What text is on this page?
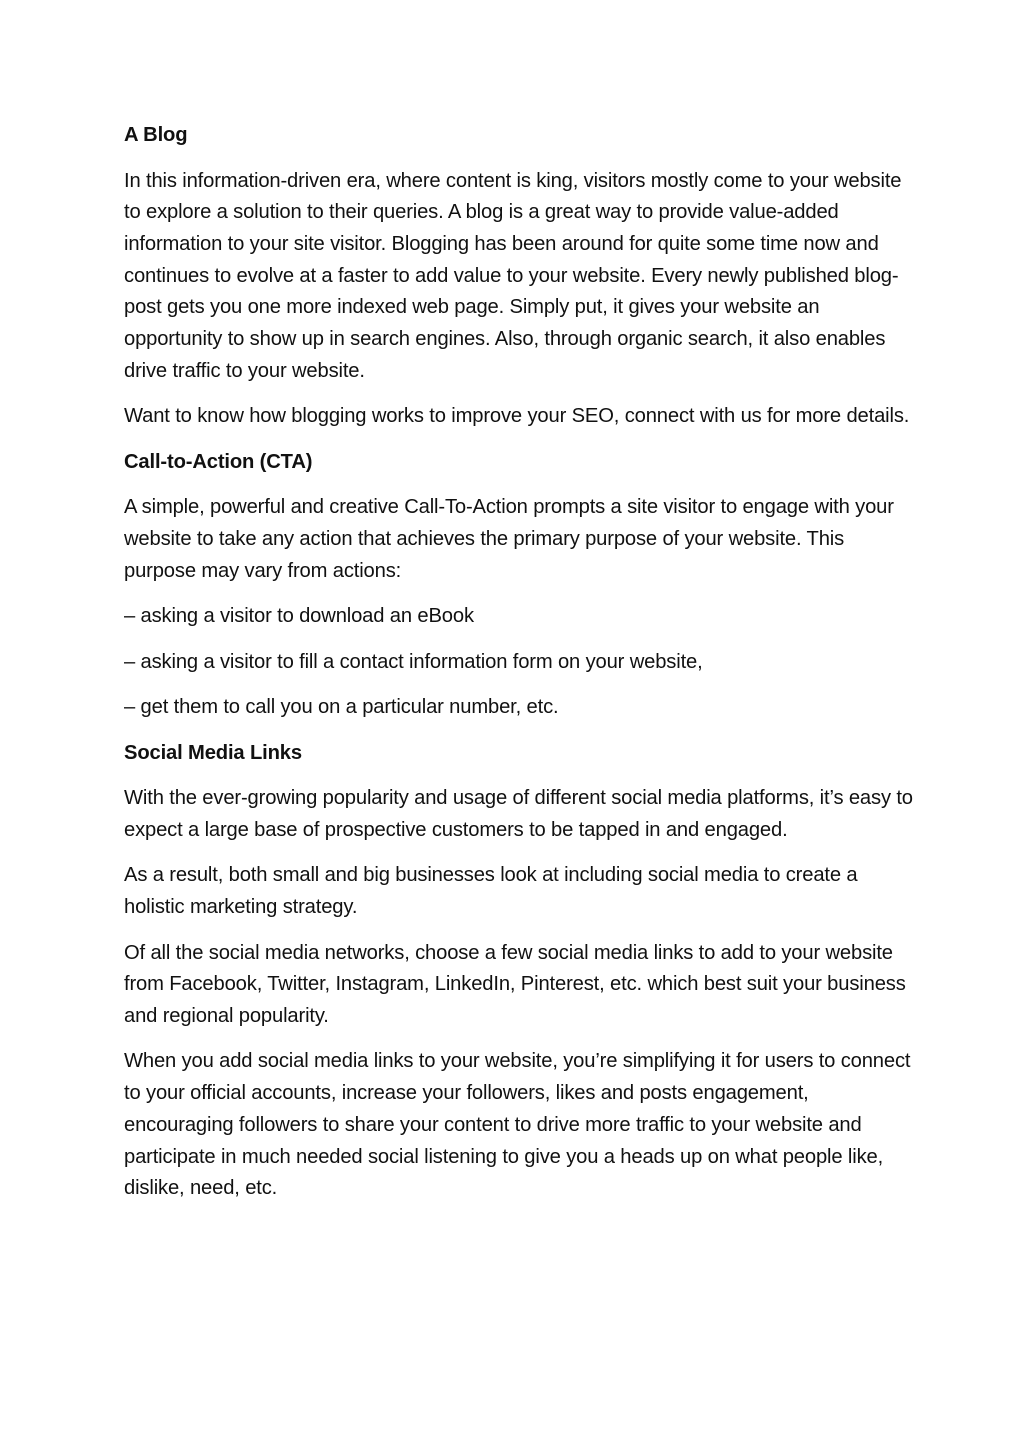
A Blog

In this information-driven era, where content is king, visitors mostly come to your website to explore a solution to their queries. A blog is a great way to provide value-added information to your site visitor. Blogging has been around for quite some time now and continues to evolve at a faster to add value to your website. Every newly published blog-post gets you one more indexed web page. Simply put, it gives your website an opportunity to show up in search engines. Also, through organic search, it also enables drive traffic to your website.

Want to know how blogging works to improve your SEO, connect with us for more details.

Call-to-Action (CTA)

A simple, powerful and creative Call-To-Action prompts a site visitor to engage with your website to take any action that achieves the primary purpose of your website. This purpose may vary from actions:

– asking a visitor to download an eBook

– asking a visitor to fill a contact information form on your website,

– get them to call you on a particular number, etc.

Social Media Links

With the ever-growing popularity and usage of different social media platforms, it’s easy to expect a large base of prospective customers to be tapped in and engaged.

As a result, both small and big businesses look at including social media to create a holistic marketing strategy.

Of all the social media networks, choose a few social media links to add to your website from Facebook, Twitter, Instagram, LinkedIn, Pinterest, etc. which best suit your business and regional popularity.

When you add social media links to your website, you’re simplifying it for users to connect to your official accounts, increase your followers, likes and posts engagement, encouraging followers to share your content to drive more traffic to your website and participate in much needed social listening to give you a heads up on what people like, dislike, need, etc.
